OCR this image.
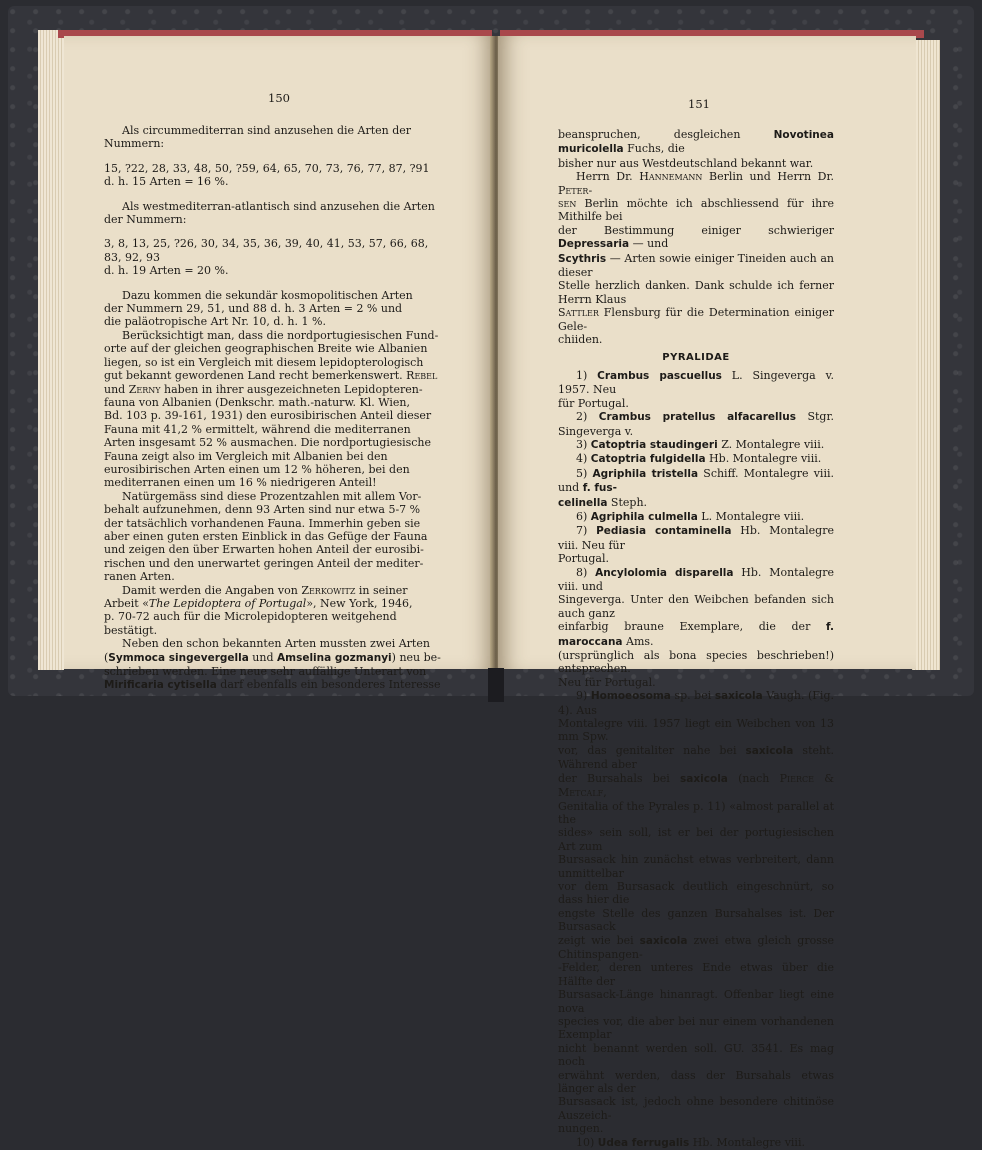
150

Als circummediterran sind anzusehen die Arten der

Nummern:

15, ?22, 28, 33, 48, 50, ?59, 64, 65, 70, 73, 76, 77, 87, ?91

d. h. 15 Arten = 16 %.

Als westmediterran-atlantisch sind anzusehen die Arten

der Nummern:

3, 8, 13, 25, ?26, 30, 34, 35, 36, 39, 40, 41, 53, 57, 66, 68,

83, 92, 93

d. h. 19 Arten = 20 %.

Dazu kommen die sekundär kosmopolitischen Arten

der Nummern 29, 51, und 88 d. h. 3 Arten = 2 % und

die paläotropische Art Nr. 10, d. h. 1 %.

Berücksichtigt man, dass die nordportugiesischen Fund-

orte auf der gleichen geographischen Breite wie Albanien

liegen, so ist ein Vergleich mit diesem lepidopterologisch

gut bekannt gewordenen Land recht bemerkenswert. Rebel

und Zerny haben in ihrer ausgezeichneten Lepidopteren-

fauna von Albanien (Denkschr. math.-naturw. Kl. Wien,

Bd. 103 p. 39-161, 1931) den eurosibirischen Anteil dieser

Fauna mit 41,2 % ermittelt, während die mediterranen

Arten insgesamt 52 % ausmachen. Die nordportugiesische

Fauna zeigt also im Vergleich mit Albanien bei den

eurosibirischen Arten einen um 12 % höheren, bei den

mediterranen einen um 16 % niedrigeren Anteil!

Natürgemäss sind diese Prozentzahlen mit allem Vor-

behalt aufzunehmen, denn 93 Arten sind nur etwa 5-7 %

der tatsächlich vorhandenen Fauna. Immerhin geben sie

aber einen guten ersten Einblick in das Gefüge der Fauna

und zeigen den über Erwarten hohen Anteil der eurosibi-

rischen und den unerwartet geringen Anteil der mediter-

ranen Arten.

Damit werden die Angaben von Zerkowitz in seiner

Arbeit «The Lepidoptera of Portugal», New York, 1946,

p. 70-72 auch für die Microlepidopteren weitgehend

bestätigt.

Neben den schon bekannten Arten mussten zwei Arten

(Symmoca singevergella und Amselina gozmanyi) neu be-

schrieben werden. Eine neue sehr auffällige Unterart von

Mirificaria cytisella darf ebenfalls ein besonderes Interesse

151

beanspruchen, desgleichen Novotinea muricolella Fuchs, die

bisher nur aus Westdeutschland bekannt war.

Herrn Dr. Hannemann Berlin und Herrn Dr. Peter-

sen Berlin möchte ich abschliessend für ihre Mithilfe bei

der Bestimmung einiger schwieriger Depressaria — und

Scythris — Arten sowie einiger Tineiden auch an dieser

Stelle herzlich danken. Dank schulde ich ferner Herrn Klaus

Sattler Flensburg für die Determination einiger Gele-

chiiden.

PYRALIDAE

1) Crambus pascuellus L. Singeverga v. 1957. Neu

für Portugal.

2) Crambus pratellus alfacarellus Stgr. Singeverga v.

3) Catoptria staudingeri Z. Montalegre viii.

4) Catoptria fulgidella Hb. Montalegre viii.

5) Agriphila tristella Schiff. Montalegre viii. und f. fus-

celinella Steph.

6) Agriphila culmella L. Montalegre viii.

7) Pediasia contaminella Hb. Montalegre viii. Neu für

Portugal.

8) Ancylolomia disparella Hb. Montalegre viii. und

Singeverga. Unter den Weibchen befanden sich auch ganz

einfarbig braune Exemplare, die der f. maroccana Ams.

(ursprünglich als bona species beschrieben!) entsprechen.

Neu für Portugal.

9) Homoeosoma sp. bei saxicola Vaugh. (Fig. 4). Aus

Montalegre viii. 1957 liegt ein Weibchen von 13 mm Spw.

vor, das genitaliter nahe bei saxicola steht. Während aber

der Bursahals bei saxicola (nach Pierce & Metcalf,

Genitalia of the Pyrales p. 11) «almost parallel at the

sides» sein soll, ist er bei der portugiesischen Art zum

Bursasack hin zunächst etwas verbreitert, dann unmittelbar

vor dem Bursasack deutlich eingeschnürt, so dass hier die

engste Stelle des ganzen Bursahalses ist. Der Bursasack

zeigt wie bei saxicola zwei etwa gleich grosse Chitinspangen-

-Felder, deren unteres Ende etwas über die Hälfte der

Bursasack-Länge hinanragt. Offenbar liegt eine nova

species vor, die aber bei nur einem vorhandenen Exemplar

nicht benannt werden soll. GU. 3541. Es mag noch

erwähnt werden, dass der Bursahals etwas länger als der

Bursasack ist, jedoch ohne besondere chitinöse Auszeich-

nungen.

10) Udea ferrugalis Hb. Montalegre viii.
